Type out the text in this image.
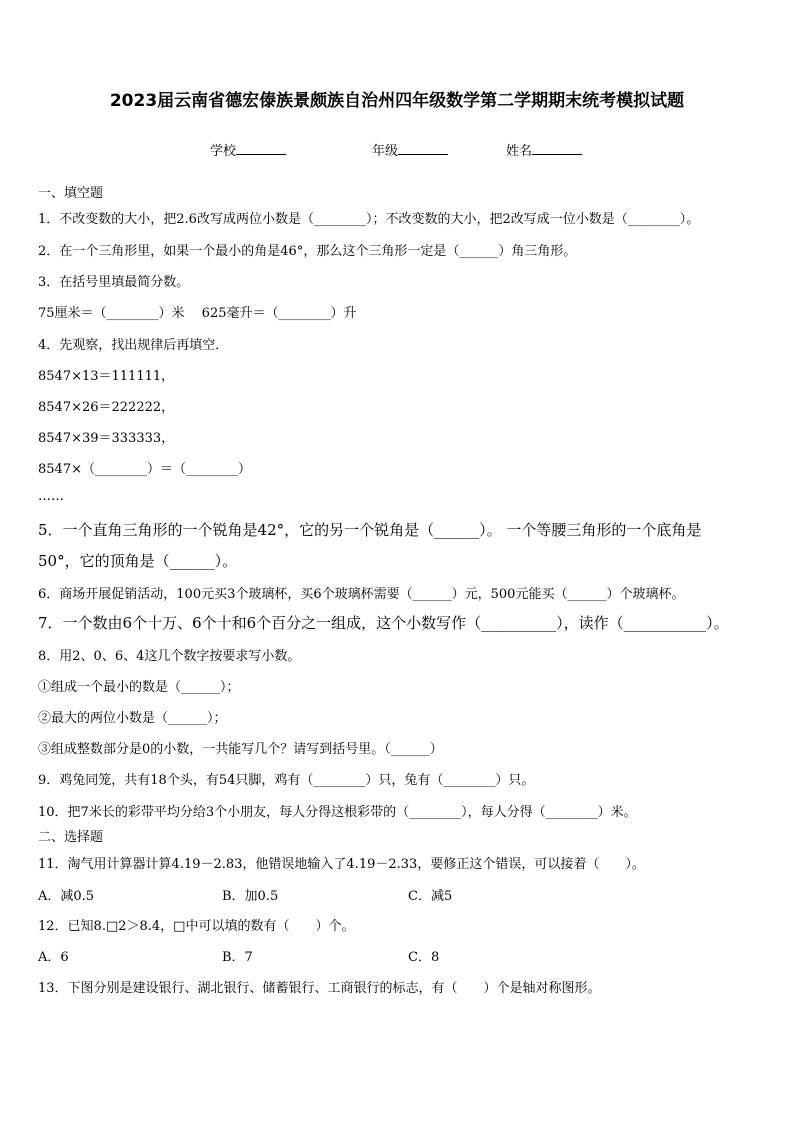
2023届云南省德宏傣族景颇族自治州四年级数学第二学期期末统考模拟试题
学校	年级	姓名
一、填空题
1．不改变数的大小，把2.6改写成两位小数是（________）；不改变数的大小，把2改写成一位小数是（________）。
2．在一个三角形里，如果一个最小的角是46°，那么这个三角形一定是（______）角三角形。
3．在括号里填最简分数。
75厘米＝（________）米　 625毫升＝（________）升
4．先观察，找出规律后再填空．
8547×13＝111111，
8547×26＝222222，
8547×39＝333333，
8547×（________）＝（________）
……
5．一个直角三角形的一个锐角是42°，它的另一个锐角是（______）。 一个等腰三角形的一个底角是
50°，它的顶角是（______）。
6．商场开展促销活动，100元买3个玻璃杯，买6个玻璃杯需要（______）元，500元能买（______）个玻璃杯。
7．一个数由6个十万、6个十和6个百分之一组成，这个小数写作（__________），读作（___________）。
8．用2、0、6、4这几个数字按要求写小数。
①组成一个最小的数是（______）；
②最大的两位小数是（______）；
③组成整数部分是0的小数，一共能写几个？请写到括号里。（______）
9．鸡兔同笼，共有18个头，有54只脚，鸡有（________）只，兔有（________）只。
10．把7米长的彩带平均分给3个小朋友，每人分得这根彩带的（________），每人分得（________）米。
二、选择题
11．淘气用计算器计算4.19－2.83，他错误地输入了4.19－2.33，要修正这个错误，可以接着（　　）。
A．减0.5	B．加0.5	C．减5
12．已知8.□2＞8.4，□中可以填的数有（　　）个。
A．6	B．7	C．8
13．下图分别是建设银行、湖北银行、储蓄银行、工商银行的标志，有（　　）个是轴对称图形。
